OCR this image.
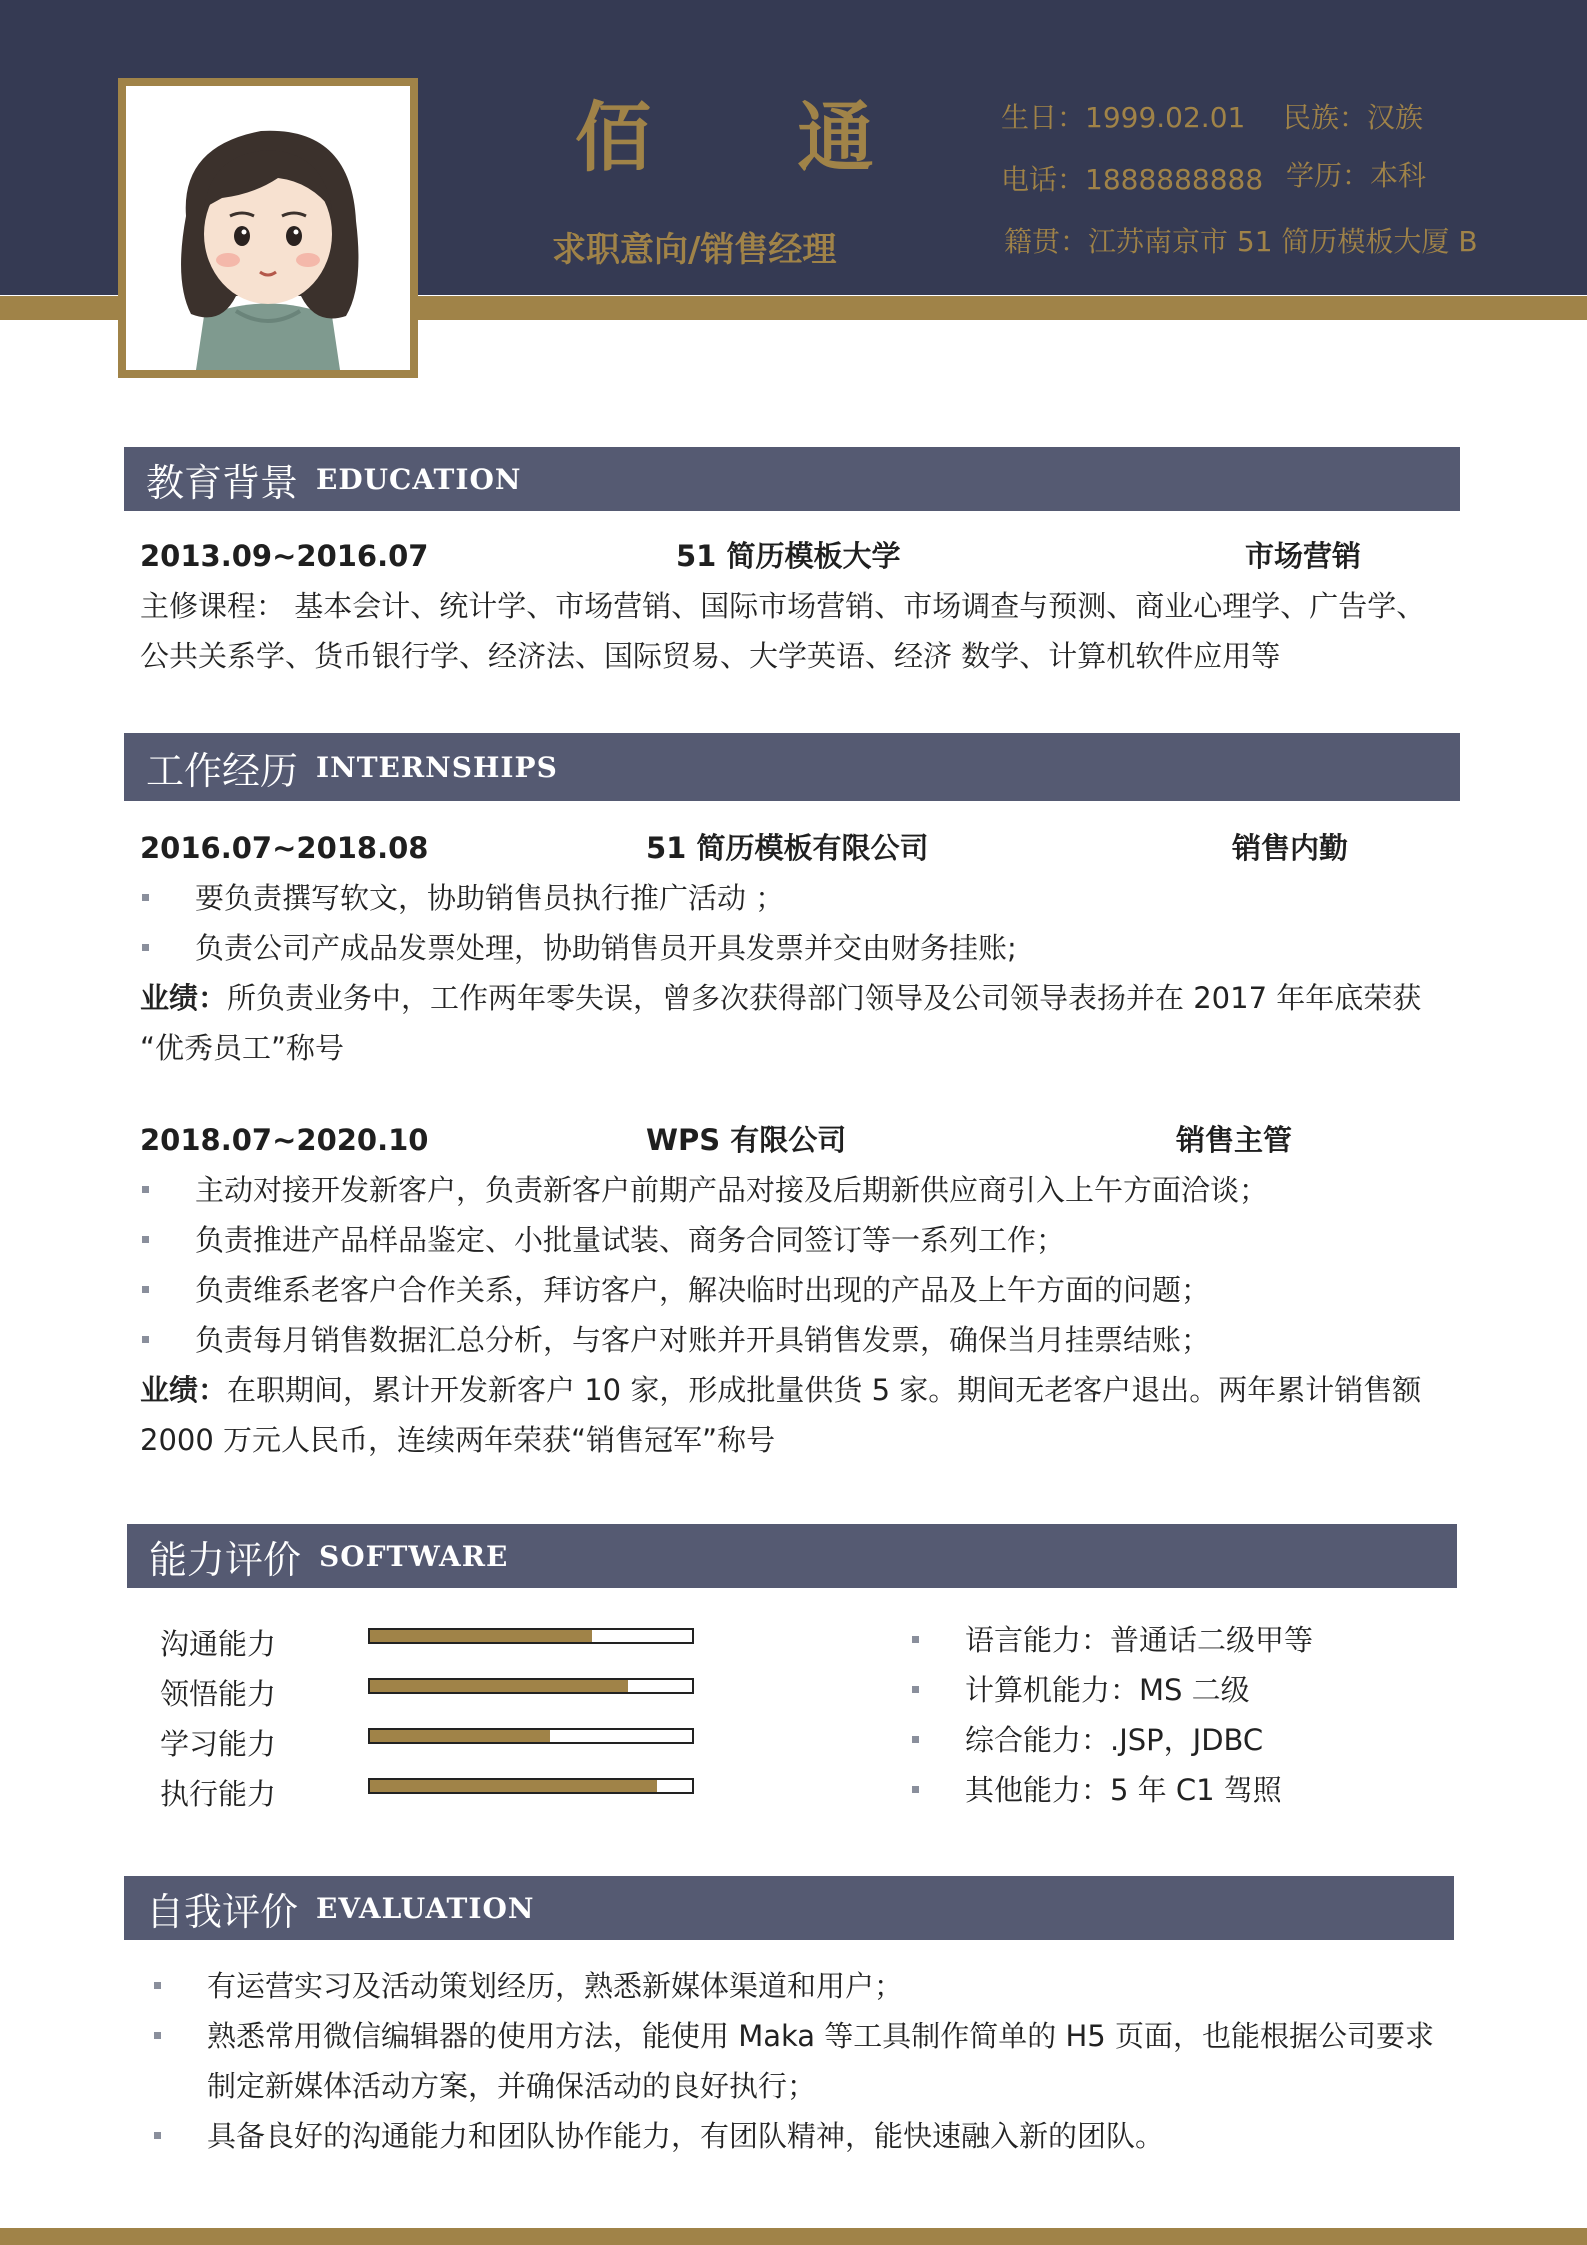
佰 通
求职意向/销售经理
生日：1999.02.01 民族：汉族
电话：1888888888 学历：本科
籍贯：江苏南京市 51 简历模板大厦 B
教育背景 EDUCATION
2013.09~2016.07	51 简历模板大学	市场营销
主修课程： 基本会计、统计学、市场营销、国际市场营销、市场调查与预测、商业心理学、广告学、
公共关系学、货币银行学、经济法、国际贸易、大学英语、经济 数学、计算机软件应用等
工作经历 INTERNSHIPS
2016.07~2018.08	51 简历模板有限公司	销售内勤
要负责撰写软文，协助销售员执行推广活动 ；
负责公司产成品发票处理，协助销售员开具发票并交由财务挂账;
业绩：所负责业务中，工作两年零失误，曾多次获得部门领导及公司领导表扬并在 2017 年年底荣获
“优秀员工”称号
2018.07~2020.10	WPS 有限公司	销售主管
主动对接开发新客户，负责新客户前期产品对接及后期新供应商引入上午方面洽谈；
负责推进产品样品鉴定、小批量试装、商务合同签订等一系列工作；
负责维系老客户合作关系，拜访客户，解决临时出现的产品及上午方面的问题；
负责每月销售数据汇总分析，与客户对账并开具销售发票，确保当月挂票结账；
业绩：在职期间，累计开发新客户 10 家，形成批量供货 5 家。期间无老客户退出。两年累计销售额
2000 万元人民币，连续两年荣获“销售冠军”称号
能力评价 SOFTWARE
沟通能力
领悟能力
学习能力
执行能力
语言能力：普通话二级甲等
计算机能力：MS 二级
综合能力：.JSP，JDBC
其他能力：5 年 C1 驾照
自我评价 EVALUATION
有运营实习及活动策划经历，熟悉新媒体渠道和用户；
熟悉常用微信编辑器的使用方法，能使用 Maka 等工具制作简单的 H5 页面，也能根据公司要求
制定新媒体活动方案，并确保活动的良好执行；
具备良好的沟通能力和团队协作能力，有团队精神，能快速融入新的团队。
